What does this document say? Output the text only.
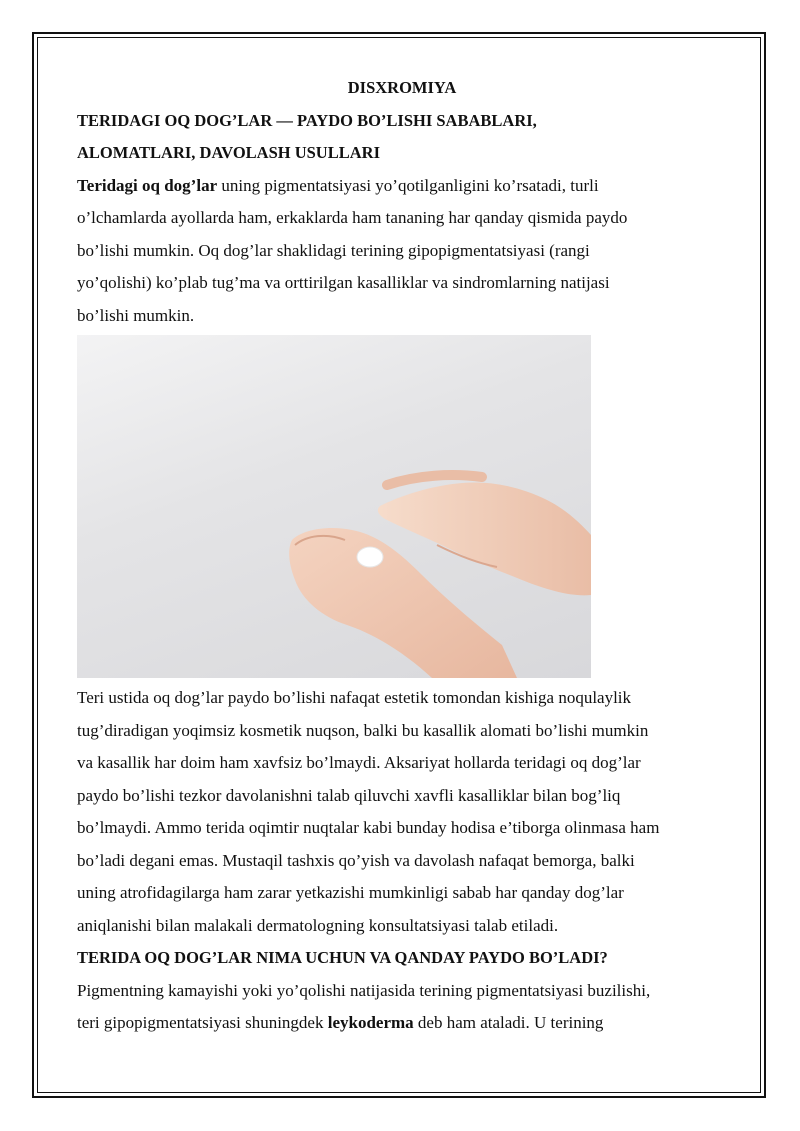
DISXROMIYA

TERIDAGI OQ DOG’LAR — PAYDO BO’LISHI SABABLARI,

ALOMATLARI, DAVOLASH USULLARI

Teridagi oq dog’lar uning pigmentatsiyasi yo’qotilganligini ko’rsatadi, turli

o’lchamlarda ayollarda ham, erkaklarda ham tananing har qanday qismida paydo

bo’lishi mumkin. Oq dog’lar shaklidagi terining gipopigmentatsiyasi (rangi

yo’qolishi) ko’plab tug’ma va orttirilgan kasalliklar va sindromlarning natijasi

bo’lishi mumkin.

Teri ustida oq dog’lar paydo bo’lishi nafaqat estetik tomondan kishiga noqulaylik

tug’diradigan yoqimsiz kosmetik nuqson, balki bu kasallik alomati bo’lishi mumkin

va kasallik har doim ham xavfsiz bo’lmaydi. Aksariyat hollarda teridagi oq dog’lar

paydo bo’lishi tezkor davolanishni talab qiluvchi xavfli kasalliklar bilan bog’liq

bo’lmaydi. Ammo terida oqimtir nuqtalar kabi bunday hodisa e’tiborga olinmasa ham

bo’ladi degani emas. Mustaqil tashxis qo’yish va davolash nafaqat bemorga, balki

uning atrofidagilarga ham zarar yetkazishi mumkinligi sabab har qanday dog’lar

aniqlanishi bilan malakali dermatologning konsultatsiyasi talab etiladi.

TERIDA OQ DOG’LAR NIMA UCHUN VA QANDAY PAYDO BO’LADI?

Pigmentning kamayishi yoki yo’qolishi natijasida terining pigmentatsiyasi buzilishi,

teri gipopigmentatsiyasi shuningdek leykoderma deb ham ataladi. U terining
